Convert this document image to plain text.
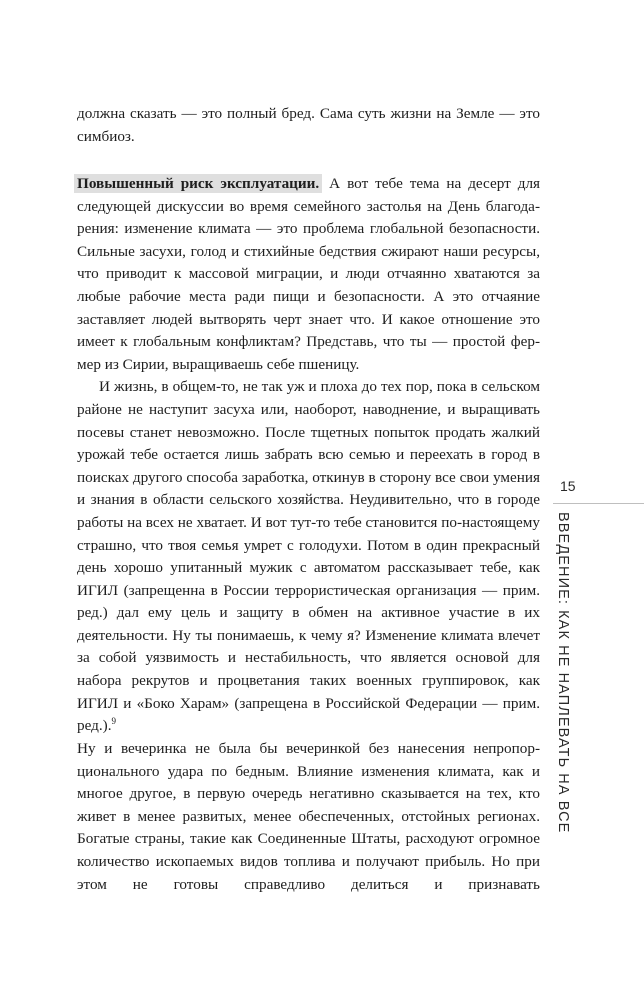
должна сказать — это полный бред. Сама суть жизни на Земле — это симбиоз.

Повышенный риск эксплуатации. А вот тебе тема на десерт для следующей дискуссии во время семейного застолья на День благодарения: изменение климата — это проблема глобальной безопасности. Сильные засухи, голод и стихийные бедствия сжирают наши ресурсы, что приводит к массовой миграции, и люди отчаянно хватаются за любые рабочие места ради пищи и безопасности. А это отчаяние заставляет людей вытворять черт знает что. И какое отношение это имеет к глобальным конфликтам? Представь, что ты — простой фермер из Сирии, выращиваешь себе пшеницу.

И жизнь, в общем-то, не так уж и плоха до тех пор, пока в сельском районе не наступит засуха или, наоборот, наводнение, и выращивать посевы станет невозможно. После тщетных попыток продать жалкий урожай тебе остается лишь забрать всю семью и переехать в город в поисках другого способа заработка, откинув в сторону все свои умения и знания в области сельского хозяйства. Неудивительно, что в городе работы на всех не хватает. И вот тут-то тебе становится по-настоящему страшно, что твоя семья умрет с голодухи. Потом в один прекрасный день хорошо упитанный мужик с автоматом рассказывает тебе, как ИГИЛ (запрещенна в России террористическая организация — прим. ред.) дал ему цель и защиту в обмен на активное участие в их деятельности. Ну ты понимаешь, к чему я? Изменение климата влечет за собой уязвимость и нестабильность, что является основой для набора рекрутов и процветания таких военных группировок, как ИГИЛ и «Боко Харам» (запрещена в Российской Федерации — прим. ред.).$^9$

Ну и вечеринка не была бы вечеринкой без нанесения непропорционального удара по бедным. Влияние изменения климата, как и многое другое, в первую очередь негативно сказывается на тех, кто живет в менее развитых, менее обеспеченных, отстойных регионах. Богатые страны, такие как Соединенные Штаты, расходуют огромное количество ископаемых видов топлива и получают прибыль. Но при этом не готовы справедливо делиться и признавать

15
ВВЕДЕНИЕ: КАК НЕ НАПЛЕВАТЬ НА ВСЕ
